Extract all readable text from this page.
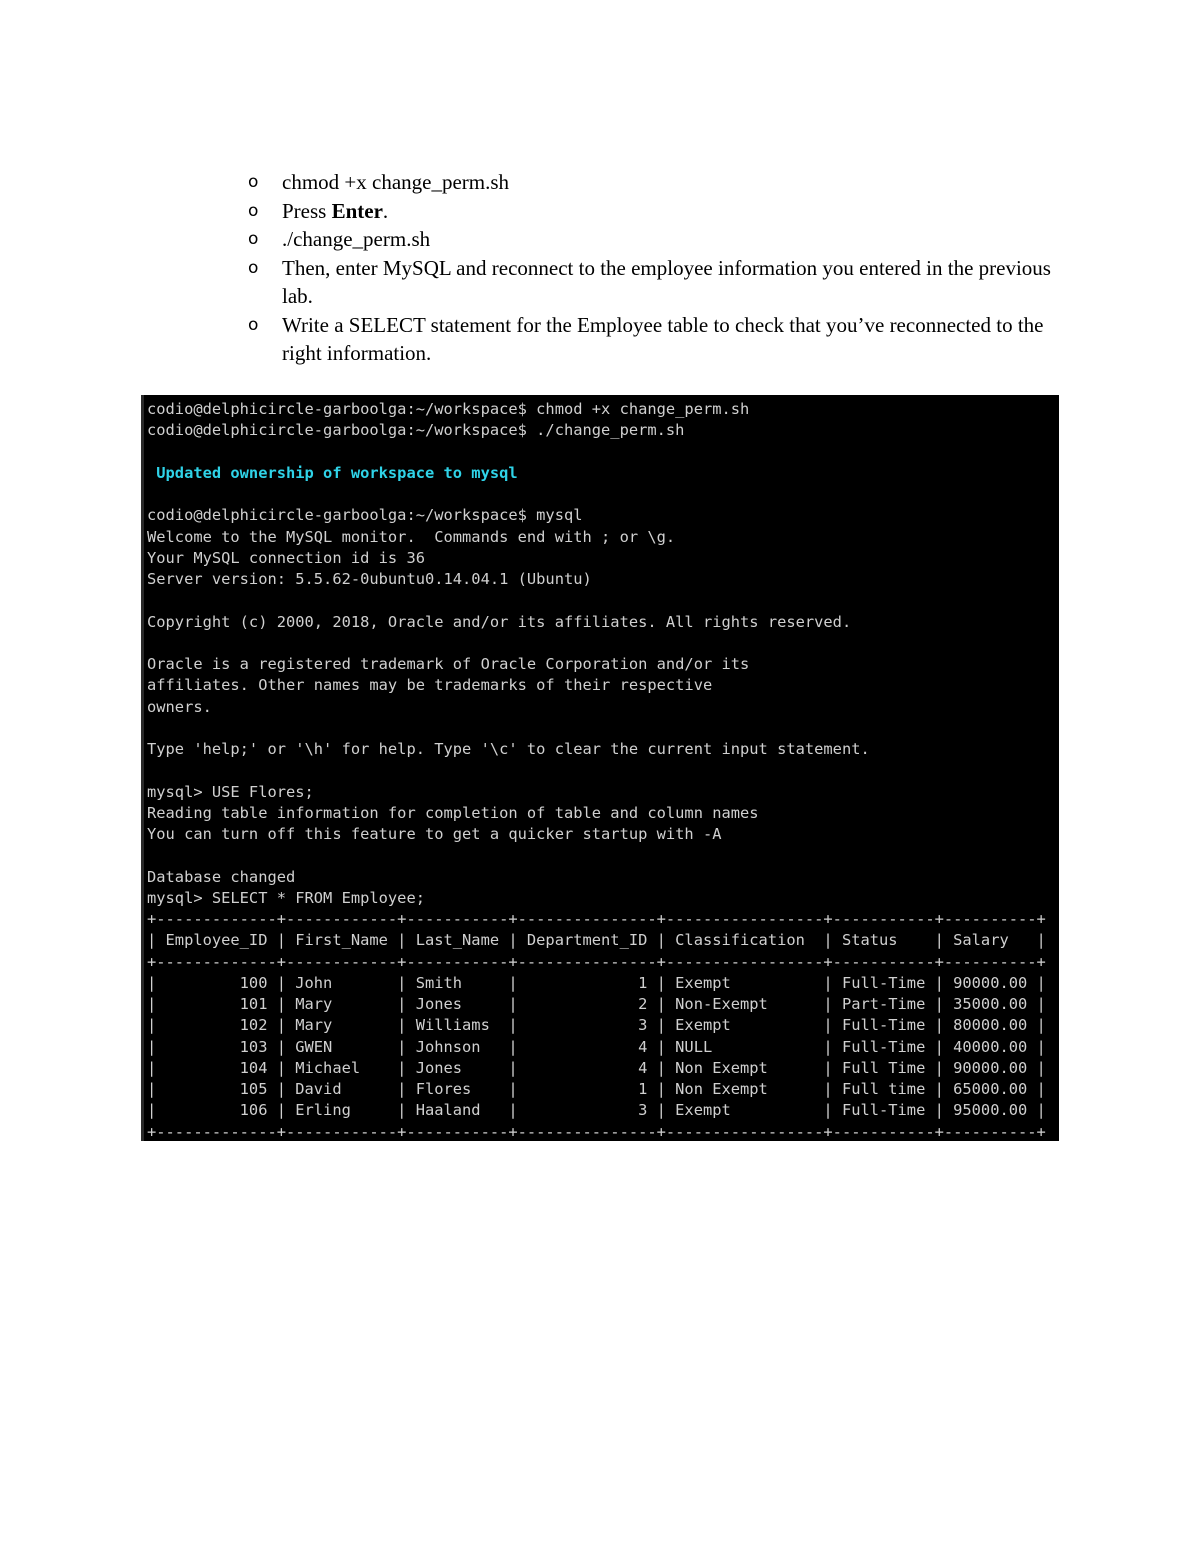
o chmod +x change_perm.sh
o Press Enter.
o ./change_perm.sh
o Then, enter MySQL and reconnect to the employee information you entered in the previous lab.
o Write a SELECT statement for the Employee table to check that you’ve reconnected to the right information.
codio@delphicircle-garboolga:~/workspace$ chmod +x change_perm.sh
codio@delphicircle-garboolga:~/workspace$ ./change_perm.sh
Updated ownership of workspace to mysql
codio@delphicircle-garboolga:~/workspace$ mysql
Welcome to the MySQL monitor.  Commands end with ; or \g.
Your MySQL connection id is 36
Server version: 5.5.62-0ubuntu0.14.04.1 (Ubuntu)
Copyright (c) 2000, 2018, Oracle and/or its affiliates. All rights reserved.
Oracle is a registered trademark of Oracle Corporation and/or its
affiliates. Other names may be trademarks of their respective
owners.
Type 'help;' or '\h' for help. Type '\c' to clear the current input statement.
mysql> USE Flores;
Reading table information for completion of table and column names
You can turn off this feature to get a quicker startup with -A
Database changed
mysql> SELECT * FROM Employee;
+-------------+------------+-----------+---------------+-----------------+-----------+----------+
| Employee_ID | First_Name | Last_Name | Department_ID | Classification  | Status    | Salary   |
+-------------+------------+-----------+---------------+-----------------+-----------+----------+
|         100 | John       | Smith     |             1 | Exempt          | Full-Time | 90000.00 |
|         101 | Mary       | Jones     |             2 | Non-Exempt      | Part-Time | 35000.00 |
|         102 | Mary       | Williams  |             3 | Exempt          | Full-Time | 80000.00 |
|         103 | GWEN       | Johnson   |             4 | NULL            | Full-Time | 40000.00 |
|         104 | Michael    | Jones     |             4 | Non Exempt      | Full Time | 90000.00 |
|         105 | David      | Flores    |             1 | Non Exempt      | Full time | 65000.00 |
|         106 | Erling     | Haaland   |             3 | Exempt          | Full-Time | 95000.00 |
+-------------+------------+-----------+---------------+-----------------+-----------+----------+
